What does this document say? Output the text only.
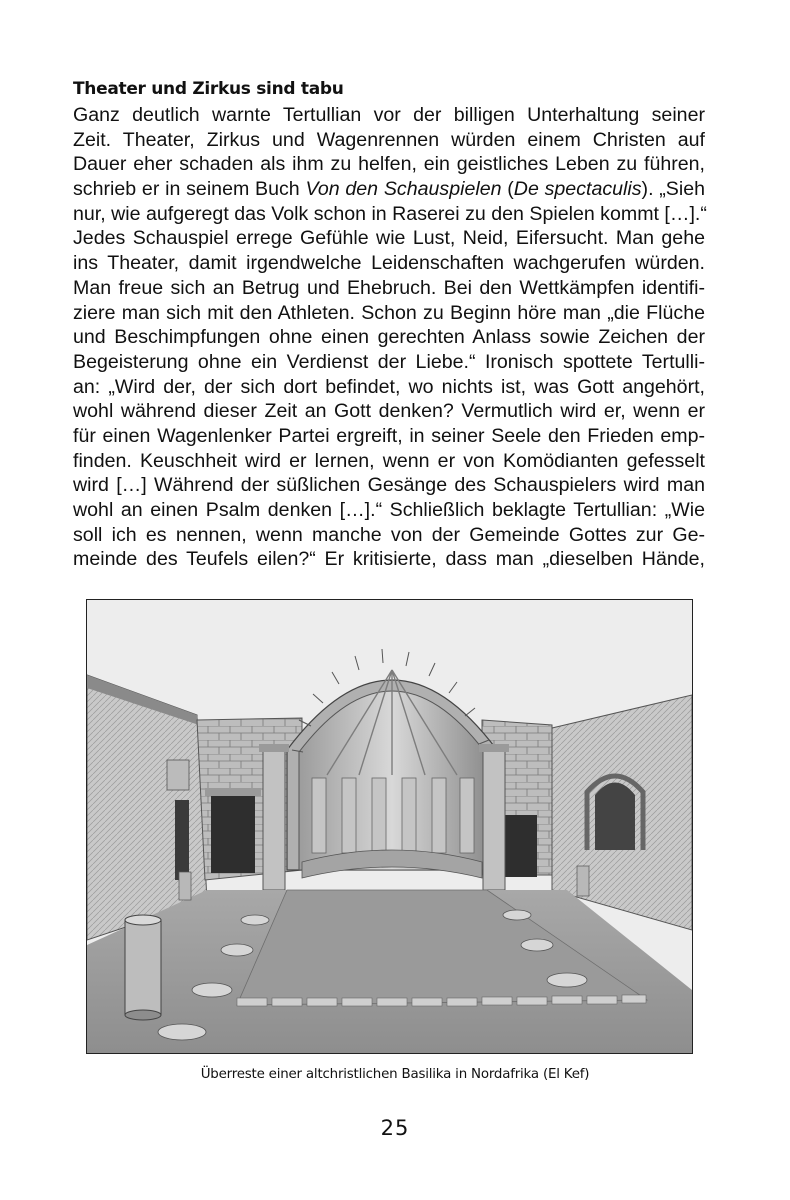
Theater und Zirkus sind tabu
Ganz deutlich warnte Tertullian vor der billigen Unterhaltung seiner
Zeit. Theater, Zirkus und Wagenrennen würden einem Christen auf
Dauer eher schaden als ihm zu helfen, ein geistliches Leben zu führen,
schrieb er in seinem Buch Von den Schauspielen (De spectaculis). „Sieh
nur, wie aufgeregt das Volk schon in Raserei zu den Spielen kommt […].“
Jedes Schauspiel errege Gefühle wie Lust, Neid, Eifersucht. Man gehe
ins Theater, damit irgendwelche Leidenschaften wachgerufen würden.
Man freue sich an Betrug und Ehebruch. Bei den Wettkämpfen identifi-
ziere man sich mit den Athleten. Schon zu Beginn höre man „die Flüche
und Beschimpfungen ohne einen gerechten Anlass sowie Zeichen der
Begeisterung ohne ein Verdienst der Liebe.“ Ironisch spottete Tertulli-
an: „Wird der, der sich dort befindet, wo nichts ist, was Gott angehört,
wohl während dieser Zeit an Gott denken? Vermutlich wird er, wenn er
für einen Wagenlenker Partei ergreift, in seiner Seele den Frieden emp-
finden. Keuschheit wird er lernen, wenn er von Komödianten gefesselt
wird […] Während der süßlichen Gesänge des Schauspielers wird man
wohl an einen Psalm denken […].“ Schließlich beklagte Tertullian: „Wie
soll ich es nennen, wenn manche von der Gemeinde Gottes zur Ge-
meinde des Teufels eilen?“ Er kritisierte, dass man „dieselben Hände,
Überreste einer altchristlichen Basilika in Nordafrika (El Kef)
25
